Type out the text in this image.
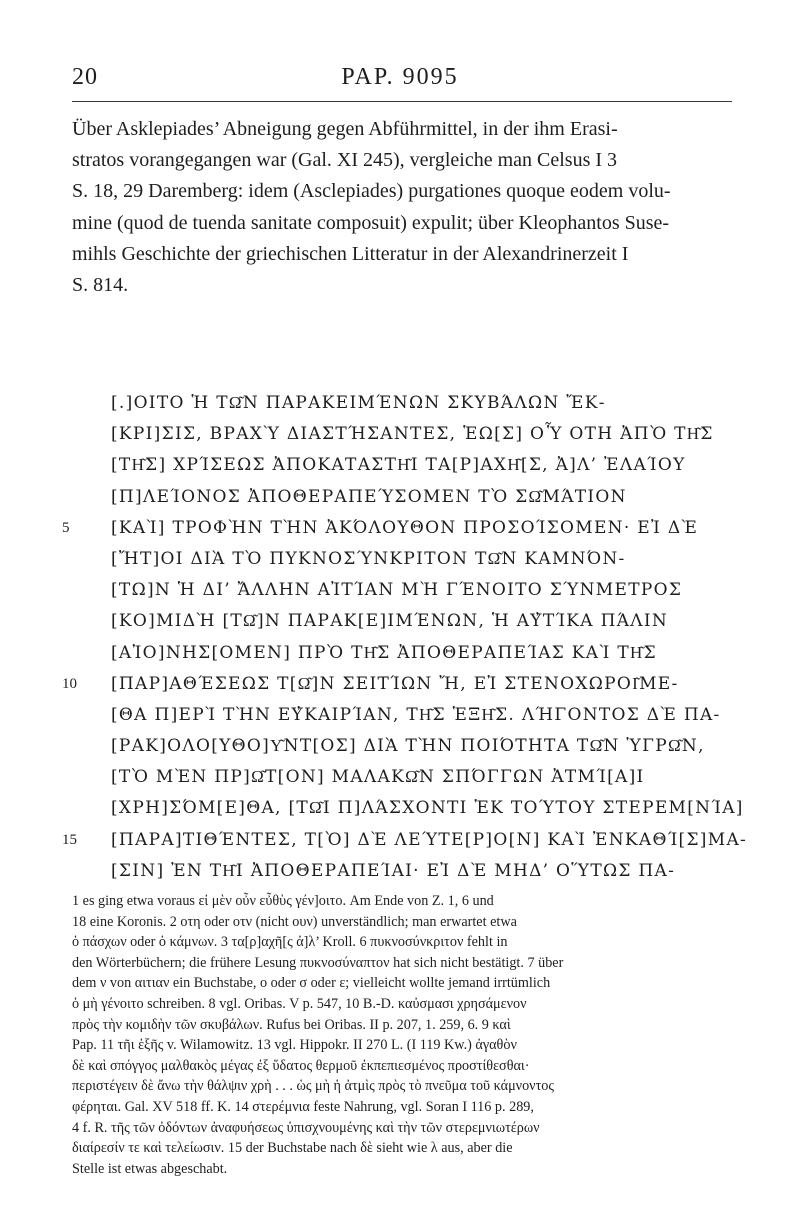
20	PAP. 9095
Über Asklepiades’ Abneigung gegen Abführmittel, in der ihm Erasi-
stratos vorangegangen war (Gal. XI 245), vergleiche man Celsus I 3
S. 18, 29 Daremberg: idem (Asclepiades) purgationes quoque eodem volu-
mine (quod de tuenda sanitate composuit) expulit; über Kleophantos Suse-
mihls Geschichte der griechischen Litteratur in der Alexandrinerzeit I
S. 814.
[.]ΟΙΤΟ Ἡ ΤΩ͂Ν ΠΑΡΑΚΕΙΜΈΝΩΝ ΣΚΥΒΆΛΩΝ ἜΚ-
[ΚΡΙ]ΣΙΣ, ΒΡΑΧῪ ΔΙΑΣΤΉΣΑΝΤΕΣ, ἙΩ[Σ] ΟὟ ΟΤΗ ἈΠῸ ΤΗ͂Σ
[ΤΗ͂Σ] ΧΡΊΣΕΩΣ ἈΠΟΚΑΤΑΣΤΗ͂Ι ΤΑ[Ρ]ΑΧΗ͂[Σ, Ἀ]Λ’ ἘΛΑΊΟΥ
[Π]ΛΕΊΟΝΟΣ ἈΠΟΘΕΡΑΠΕΎΣΟΜΕΝ ΤῸ ΣΩ͂ΜΆΤΙΟΝ
5	[ΚΑῚ] ΤΡΟΦῊΝ ΤῊΝ ἈΚΌΛΟΥΘΟΝ ΠΡΟΣΟΊΣΟΜΕΝ· ΕἸ ΔῈ
[ἬΤ]ΟΙ ΔΙᾺ ΤῸ ΠΥΚΝΟΣΎΝΚΡΙΤΟΝ ΤΩ͂Ν ΚΑΜΝΌΝ-
[ΤΩ]Ν Ἡ ΔΙ’ ἌΛΛΗΝ ΑἸΤΊΑΝ ΜῊ ΓΈΝΟΙΤΟ ΣΎΝΜΕΤΡΟΣ
[ΚΟ]ΜΙΔῊ [ΤΩ͂]Ν ΠΑΡΑΚ[Ε]ΙΜΈΝΩΝ, Ἡ ΑΥ̓ΤΊΚΑ ΠΆΛΙΝ
[ΑἸΟ]ΝΗΣ[ΟΜΕΝ] ΠΡῸ ΤΗ͂Σ ἈΠΟΘΕΡΑΠΕΊΑΣ ΚΑῚ ΤΗ͂Σ
10	[ΠΑΡ]ΑΘΈΣΕΩΣ Τ[Ω͂]Ν ΣΕΙΤΊΩΝ Ἤ, ΕἸ ΣΤΕΝΟΧΩΡΟΙ͂ΜΕ-
[ΘΑ Π]ΕΡῚ ΤῊΝ ΕΥ̓ΚΑΙΡΊΑΝ, ΤΗ͂Σ ἙΞΗ͂Σ. ΛΉΓΟΝΤΟΣ ΔῈ ΠΑ-
[ΡΑΚ]ΟΛΟ[ΥΘΟ]Υ͂ΝΤ[ΟΣ] ΔΙᾺ ΤῊΝ ΠΟΙΌΤΗΤΑ ΤΩ͂Ν ὙΓΡΩ͂Ν,
[ΤῸ ΜῈΝ ΠΡ]Ω͂Τ[ΟΝ] ΜΑΛΑΚΩ͂Ν ΣΠΌΓΓΩΝ ἈΤΜΊ[Α]Ι
[ΧΡΗ]ΣΌΜ[Ε]ΘΑ, [ΤΩ͂Ι Π]ΛΆΣΧΟΝΤΙ ἘΚ ΤΟΎΤΟΥ ΣΤΕΡΕΜ[ΝΊΑ]
15	[ΠΑΡΑ]ΤΙΘΈΝΤΕΣ, Τ[Ὸ] ΔῈ ΛΕΎΤΕ[Ρ]Ο[Ν] ΚΑῚ ἘΝΚΑΘΊ[Σ]ΜΑ-
[ΣΙΝ] ἘΝ ΤΗ͂Ι ἈΠΟΘΕΡΑΠΕΊΑΙ· ΕἸ ΔῈ ΜΗΔ’ ΟὝΤΩΣ ΠΑ-
1 es ging etwa voraus εἰ μὲν οὖν εὖθὺς γέν]οιτο. Am Ende von Z. 1, 6 und
18 eine Koronis. 2 οτη oder οτν (nicht ουν) unverständlich; man erwartet etwa
ὁ πάσχων oder ὁ κάμνων. 3 τα[ρ]αχῆ[ς ἀ]λ’ Kroll. 6 πυκνοσύνκριτον fehlt in
den Wörterbüchern; die frühere Lesung πυκνοσύναπτον hat sich nicht bestätigt. 7 über
dem ν von αιτιαν ein Buchstabe, ο oder σ oder ε; vielleicht wollte jemand irrtümlich
ὁ μὴ γένοιτο schreiben. 8 vgl. Oribas. V p. 547, 10 B.-D. καὐσμασι χρησάμενον
πρὸς τὴν κομιδὴν τῶν σκυβάλων. Rufus bei Oribas. II p. 207, 1. 259, 6. 9 καὶ
Pap. 11 τῆι ἑξῆς v. Wilamowitz. 13 vgl. Hippokr. II 270 L. (I 119 Kw.) ἀγαθὸν
δὲ καὶ σπόγγος μαλθακὸς μέγας ἐξ ὕδατος θερμοῦ ἐκπεπιεσμένος προστίθεσθαι·
περιστέγειν δὲ ἄνω τὴν θάλψιν χρὴ . . . ὡς μὴ ἡ ἀτμὶς πρὸς τὸ πνεῦμα τοῦ κάμνοντος
φέρηται. Gal. XV 518 ff. K. 14 στερέμνια feste Nahrung, vgl. Soran I 116 p. 289,
4 f. R. τῆς τῶν ὀδόντων ἀναφυήσεως ὑπισχνουμένης καὶ τὴν τῶν στερεμνιωτέρων
διαίρεσίν τε καὶ τελείωσιν. 15 der Buchstabe nach δὲ sieht wie λ aus, aber die
Stelle ist etwas abgeschabt.
